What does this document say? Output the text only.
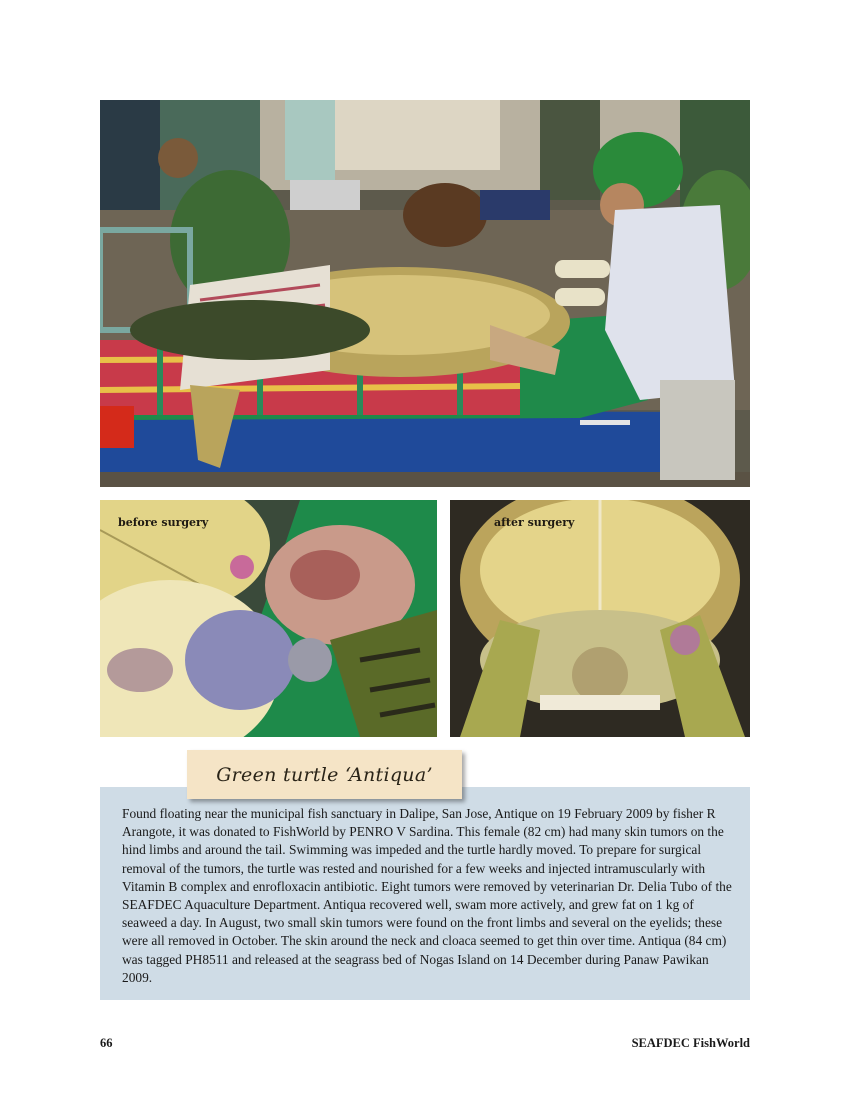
before surgery	after surgery

Found floating near the municipal fish sanctuary in Dalipe, San Jose, Antique on 19 February 2009 by fisher R Arangote, it was donated to FishWorld by PENRO V Sardina. This female (82 cm) had many skin tumors on the hind limbs and around the tail. Swimming was impeded and the turtle hardly moved. To prepare for surgical removal of the tumors, the turtle was rested and nourished for a few weeks and injected intramuscularly with Vitamin B complex and enrofloxacin antibiotic. Eight tumors were removed by veterinarian Dr. Delia Tubo of the SEAFDEC Aquaculture Department. Antiqua recovered well, swam more actively, and grew fat on 1 kg of seaweed a day. In August, two small skin tumors were found on the front limbs and several on the eyelids; these were all removed in October. The skin around the neck and cloaca seemed to get thin over time. Antiqua (84 cm) was tagged PH8511 and released at the seagrass bed of Nogas Island on 14 December during Panaw Pawikan 2009.

Green turtle ‘Antiqua’
66	SEAFDEC FishWorld
